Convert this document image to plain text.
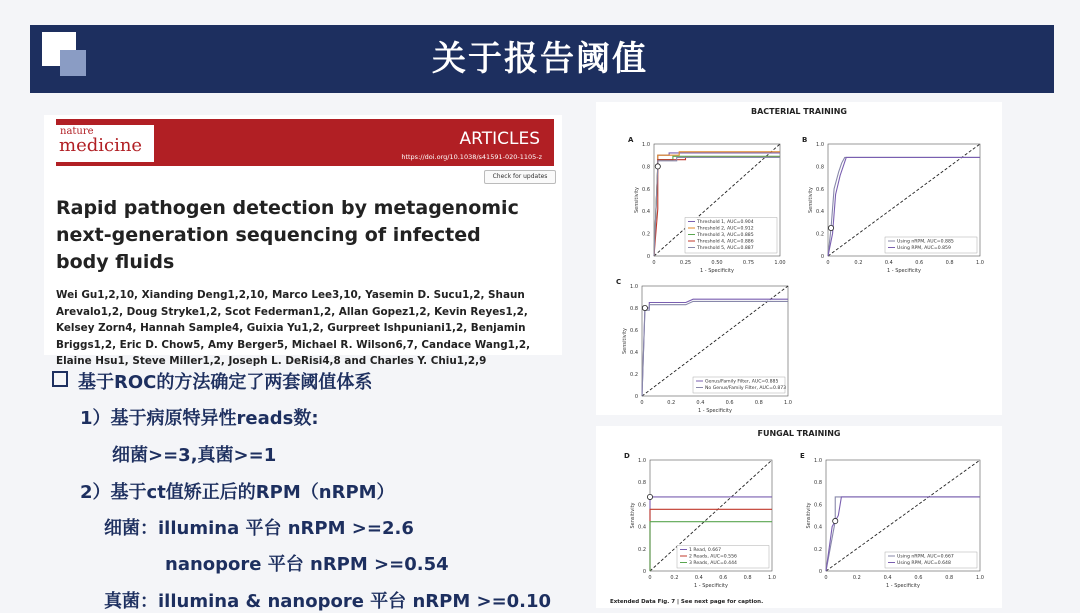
关于报告阈值
ARTICLES
https://doi.org/10.1038/s41591-020-1105-z
nature
medicine
Check for updates
Rapid pathogen detection by metagenomic next-generation sequencing of infected body fluids
Wei Gu1,2,10, Xianding Deng1,2,10, Marco Lee3,10, Yasemin D. Sucu1,2, Shaun Arevalo1,2, Doug Stryke1,2, Scot Federman1,2, Allan Gopez1,2, Kevin Reyes1,2, Kelsey Zorn4, Hannah Sample4, Guixia Yu1,2, Gurpreet Ishpuniani1,2, Benjamin Briggs1,2, Eric D. Chow5, Amy Berger5, Michael R. Wilson6,7, Candace Wang1,2, Elaine Hsu1, Steve Miller1,2, Joseph L. DeRisi4,8 and Charles Y. Chiu1,2,9
基于ROC的方法确定了两套阈值体系
1）基于病原特异性reads数:
细菌>=3,真菌>=1
2）基于ct值矫正后的RPM（nRPM）
细菌：illumina 平台 nRPM >=2.6
nanopore 平台 nRPM >=0.54
真菌：illumina & nanopore 平台 nRPM >=0.10
BACTERIAL TRAINING
A
0	0.25	0.50	0.75	1.00
0
0.2
0.4
0.6
0.8
1.0
1 - Specificity
Sensitivity
Threshold 1, AUC=0.904
Threshold 2, AUC=0.912
Threshold 3, AUC=0.885
Threshold 4, AUC=0.886
Threshold 5, AUC=0.887
B
0	0.2	0.4	0.6	0.8	1.0
0
0.2
0.4
0.6
0.8
1.0
1 - Specificity
Sensitivity
Using nRPM, AUC=0.885
Using RPM, AUC=0.859
C
0	0.2	0.4	0.6	0.8	1.0
0
0.2
0.4
0.6
0.8
1.0
1 - Specificity
Sensitivity
Genus/Family Filter, AUC=0.885
No Genus/Family Filter, AUC=0.873
FUNGAL TRAINING
Extended Data Fig. 7 | See next page for caption.
D
0	0.2	0.4	0.6	0.8	1.0
0
0.2
0.4
0.6
0.8
1.0
1 - Specificity
Sensitivity
1 Read, 0.667
2 Reads, AUC=0.556
3 Reads, AUC=0.444
E
0	0.2	0.4	0.6	0.8	1.0
0
0.2
0.4
0.6
0.8
1.0
1 - Specificity
Sensitivity
Using nRPM, AUC=0.667
Using RPM, AUC=0.648
